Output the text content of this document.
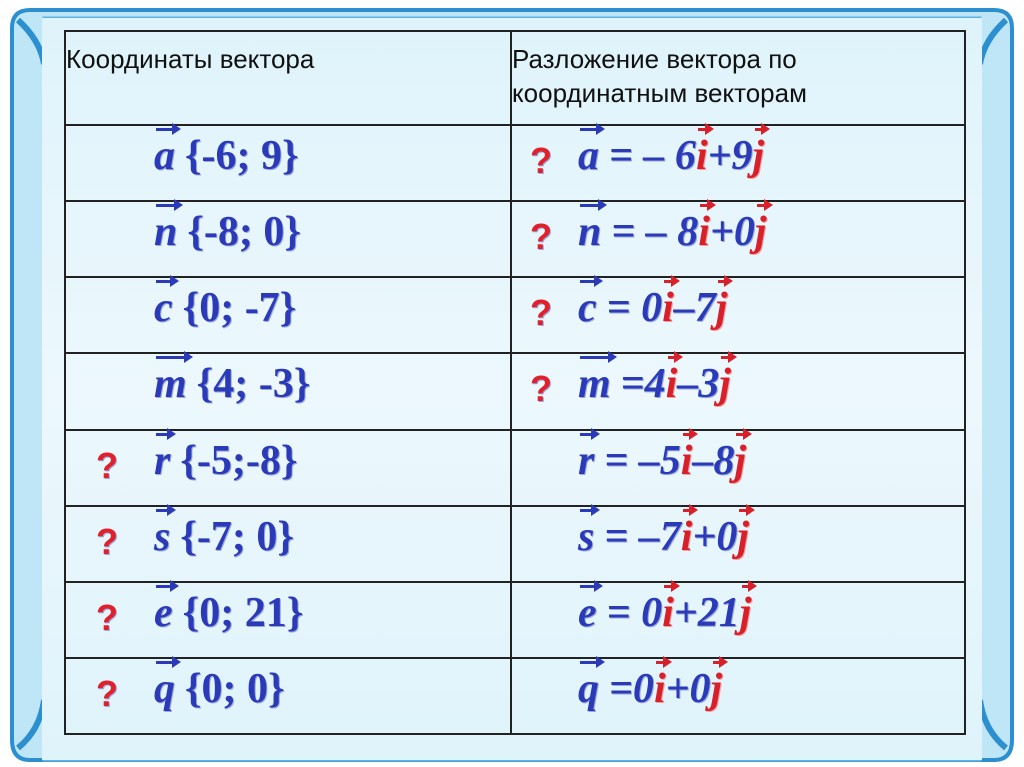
Координаты вектора	Разложение вектора по
координатным векторам

a {-6; 9}	? a = – 6i+9j

n {-8; 0}	? n = – 8i+0j

c {0; -7}	? c = 0i–7j

m {4; -3}	? m =4i–3j

? r {-5;-8}	r = –5i–8j

? s {-7; 0}	s = –7i+0j

? e {0; 21}	e = 0i+21j

? q {0; 0}	q =0i+0j
